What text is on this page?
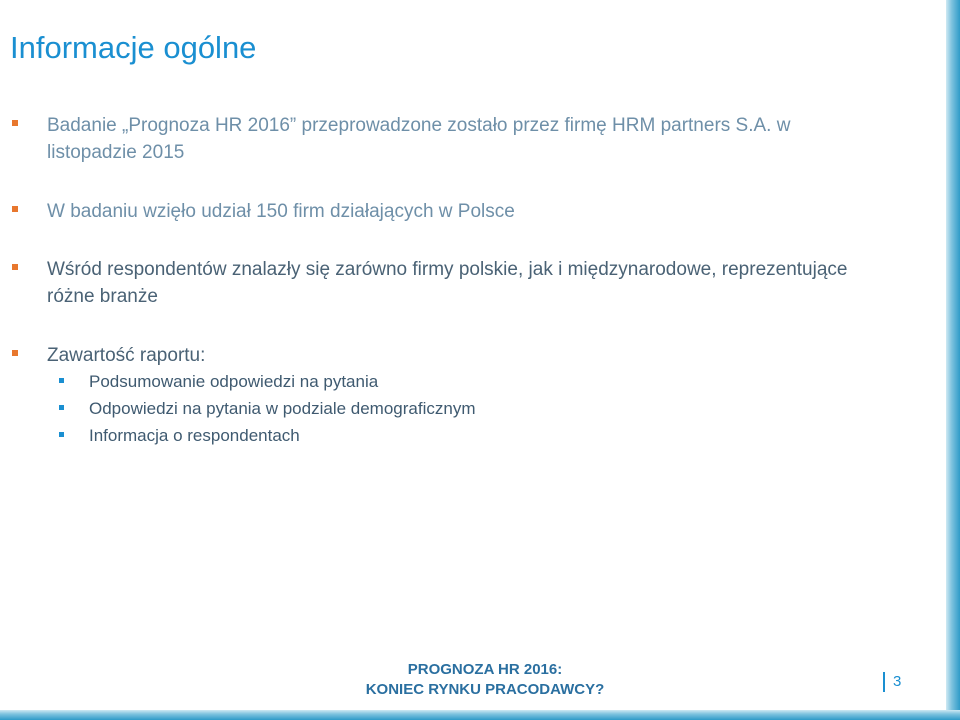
Informacje ogólne
Badanie „Prognoza HR 2016” przeprowadzone zostało przez firmę HRM partners S.A. w listopadzie 2015
W badaniu wzięło udział 150 firm działających w Polsce
Wśród respondentów znalazły się zarówno firmy polskie, jak i międzynarodowe, reprezentujące różne branże
Zawartość raportu:
Podsumowanie odpowiedzi na pytania
Odpowiedzi na pytania w podziale demograficznym
Informacja o respondentach
PROGNOZA HR 2016:
KONIEC RYNKU PRACODAWCY?	3
